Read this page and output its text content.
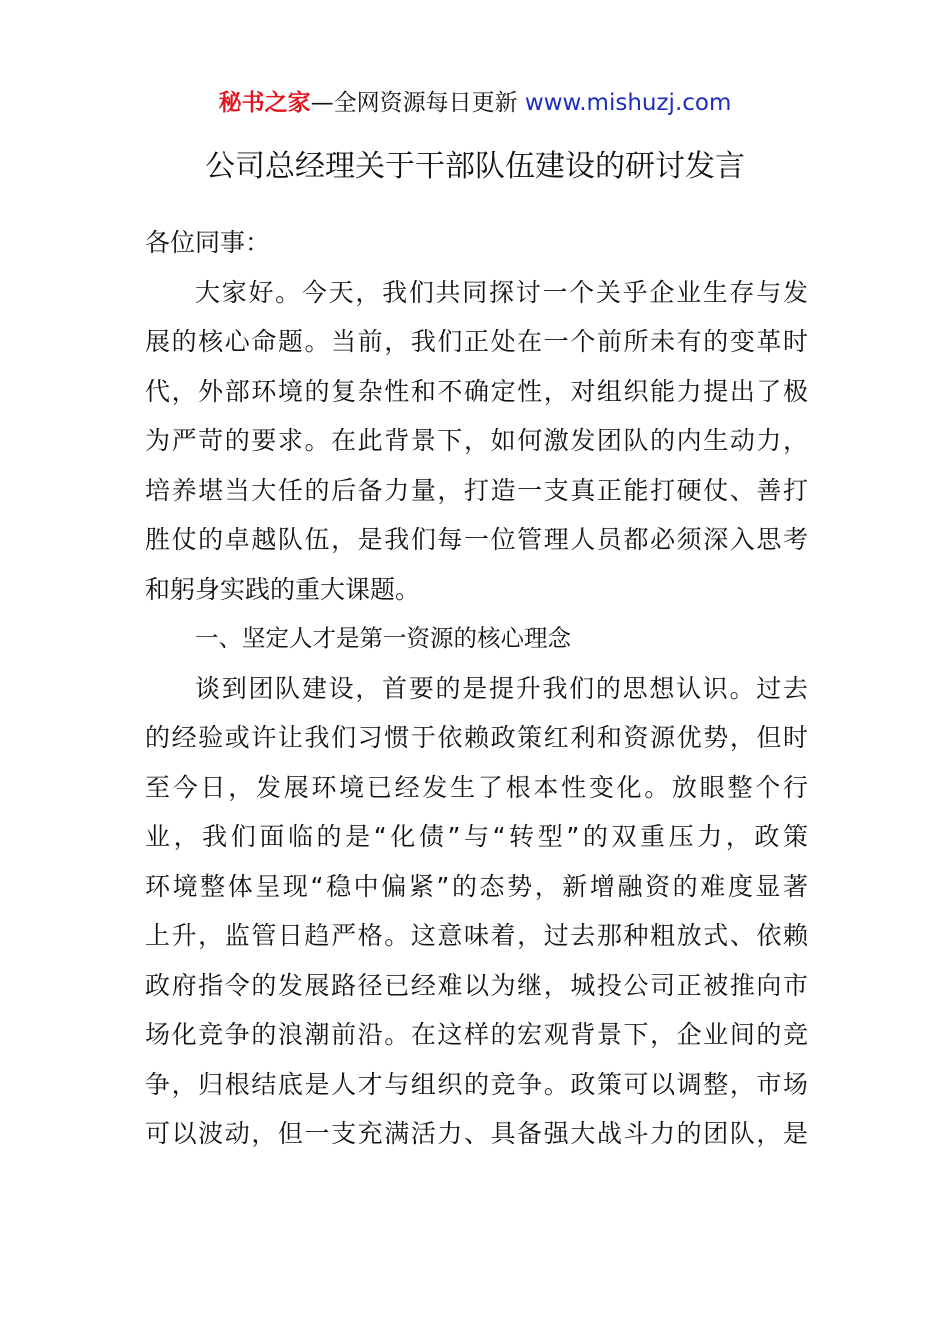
秘书之家—全网资源每日更新 www.mishuzj.com
公司总经理关于干部队伍建设的研讨发言
各位同事：
大家好。今天，我们共同探讨一个关乎企业生存与发
展的核心命题。当前，我们正处在一个前所未有的变革时
代，外部环境的复杂性和不确定性，对组织能力提出了极
为严苛的要求。在此背景下，如何激发团队的内生动力，
培养堪当大任的后备力量，打造一支真正能打硬仗、善打
胜仗的卓越队伍，是我们每一位管理人员都必须深入思考
和躬身实践的重大课题。
一、坚定人才是第一资源的核心理念
谈到团队建设，首要的是提升我们的思想认识。过去
的经验或许让我们习惯于依赖政策红利和资源优势，但时
至今日，发展环境已经发生了根本性变化。放眼整个行
业，我们面临的是“化债”与“转型”的双重压力，政策
环境整体呈现“稳中偏紧”的态势，新增融资的难度显著
上升，监管日趋严格。这意味着，过去那种粗放式、依赖
政府指令的发展路径已经难以为继，城投公司正被推向市
场化竞争的浪潮前沿。在这样的宏观背景下，企业间的竞
争，归根结底是人才与组织的竞争。政策可以调整，市场
可以波动，但一支充满活力、具备强大战斗力的团队，是
